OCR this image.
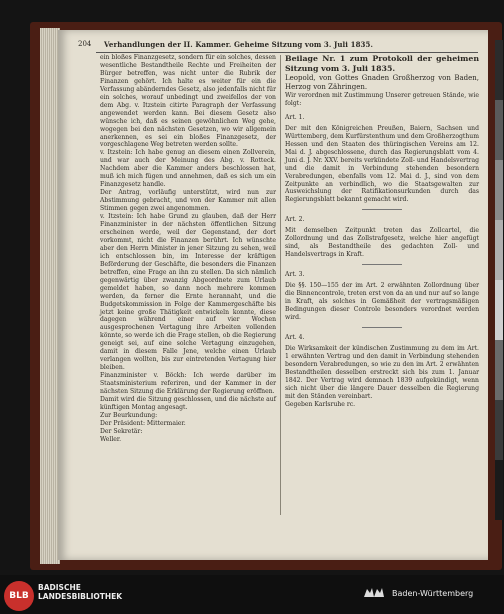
204 Verhandlungen der II. Kammer. Geheime Sitzung vom 3. Juli 1835.

ein bloßes Finanzgesetz, sondern für ein solches, dessen wesentliche Bestandtheile Rechte und Freiheiten der Bürger betreffen, was nicht unter die Rubrik der Finanzen gehört. Ich halte es weiter für ein die Verfassung abänderndes Gesetz, also jedenfalls nicht für ein solches, worauf unbedingt und zweifellos der von dem Abg. v. Itzstein citirte Paragraph der Verfassung angewendet werden kann. Bei diesem Gesetz also wünsche ich, daß es seinen gewöhnlichen Weg gehe, wogegen bei den nächsten Gesetzen, wo wir allgemein anerkennen, es sei ein bloßes Finanzgesetz, der vorgeschlagene Weg betreten werden sollte.

v. Itzstein: Ich habe genug an diesem einen Zollverein, und war auch der Meinung des Abg. v. Rotteck. Nachdem aber die Kammer anders beschlossen hat, muß ich mich fügen und annehmen, daß es sich um ein Finanzgesetz handle.

Der Antrag, vorläufig unterstützt, wird nun zur Abstimmung gebracht, und von der Kammer mit allen Stimmen gegen zwei angenommen.

v. Itzstein: Ich habe Grund zu glauben, daß der Herr Finanzminister in der nächsten öffentlichen Sitzung erscheinen werde, weil der Gegenstand, der dort vorkommt, nicht die Finanzen berührt. Ich wünschte aber den Herrn Minister in jener Sitzung zu sehen, weil ich entschlossen bin, im Interesse der kräftigen Beförderung der Geschäfte, die besonders die Finanzen betreffen, eine Frage an ihn zu stellen. Da sich nämlich gegenwärtig über zwanzig Abgeordnete zum Urlaub gemeldet haben, so dann noch mehrere kommen werden, da ferner die Ernte herannaht, und die Budgetskommission in Folge der Kammergeschäfte bis jetzt keine große Thätigkeit entwickeln konnte, diese dagegen während einer auf vier Wochen ausgesprochenen Vertagung ihre Arbeiten vollenden könnte, so werde ich die Frage stellen, ob die Regierung geneigt sei, auf eine solche Vertagung einzugehen, damit in diesem Falle Jene, welche einen Urlaub verlangen wollten, bis zur eintretenden Vertagung hier bleiben.

Finanzminister v. Böckh: Ich werde darüber im Staatsministerium referiren, und der Kammer in der nächsten Sitzung die Erklärung der Regierung eröffnen.

Damit wird die Sitzung geschlossen, und die nächste auf künftigen Montag angesagt.

Zur Beurkundung:

Der Präsident: Mittermaier.

Der Sekretär:

Weller.

Beilage Nr. 1 zum Protokoll der geheimen Sitzung vom 3. Juli 1835.

Leopold, von Gottes Gnaden Großherzog von Baden, Herzog von Zähringen.

Wir verordnen mit Zustimmung Unserer getreuen Stände, wie folgt:

Art. 1.

Der mit den Königreichen Preußen, Baiern, Sachsen und Württemberg, dem Kurfürstenthum und dem Großherzogthum Hessen und den Staaten des thüringischen Vereins am 12. Mai d. J. abgeschlossene, durch das Regierungsblatt vom 4. Juni d. J. Nr. XXV. bereits verkündete Zoll- und Handelsvertrag und die damit in Verbindung stehenden besondern Verabredungen, ebenfalls vom 12. Mai d. J., sind von dem Zeitpunkte an verbindlich, wo die Staatsgewalten zur Ausweichslung der Ratifikationsurkunden durch das Regierungsblatt bekannt gemacht wird.

Art. 2.

Mit demselben Zeitpunkt treten das Zollcartel, die Zollordnung und das Zollstrafgesetz, welche hier angefügt sind, als Bestandtheile des gedachten Zoll- und Handelsvertrags in Kraft.

Art. 3.

Die §§. 150—155 der im Art. 2 erwähnten Zollordnung über die Binnencontrole, treten erst von da an und nur auf so lange in Kraft, als solches in Gemäßheit der vertragsmäßigen Bedingungen dieser Controle besonders verordnet werden wird.

Art. 4.

Die Wirksamkeit der kündischen Zustimmung zu dem im Art. 1 erwähnten Vertrag und den damit in Verbindung stehenden besondern Verabredungen, so wie zu den im Art. 2 erwähnten Bestandtheilen desselben erstreckt sich bis zum 1. Januar 1842. Der Vertrag wird demnach 1839 aufgekündigt, wenn sich nicht über die längere Dauer desselben die Regierung mit den Ständen vereinbart.

Gegeben Karlsruhe rc.

BLB
BADISCHE
LANDESBIBLIOTHEK	Baden-Württemberg
